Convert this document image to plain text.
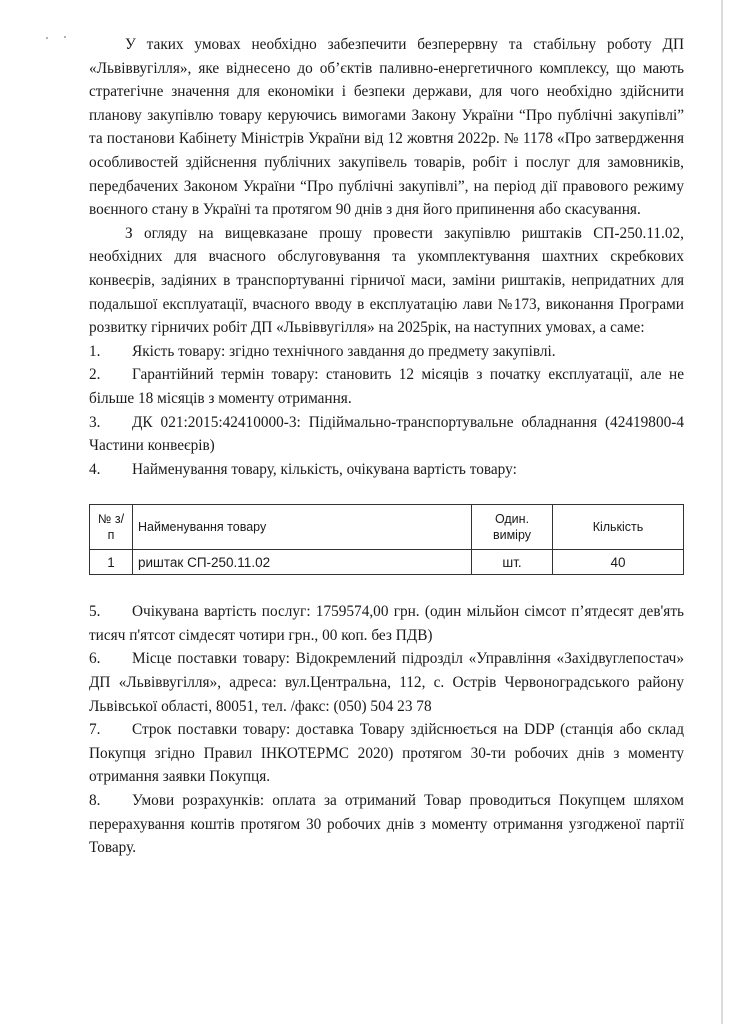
У таких умовах необхідно забезпечити безперервну та стабільну роботу ДП «Львіввугілля», яке віднесено до об’єктів паливно-енергетичного комплексу, що мають стратегічне значення для економіки і безпеки держави, для чого необхідно здійснити планову закупівлю товару керуючись вимогами Закону України “Про публічні закупівлі” та постанови Кабінету Міністрів України від 12 жовтня 2022р. № 1178 «Про затвердження особливостей здійснення публічних закупівель товарів, робіт і послуг для замовників, передбачених Законом України “Про публічні закупівлі”, на період дії правового режиму воєнного стану в Україні та протягом 90 днів з дня його припинення або скасування.

З огляду на вищевказане прошу провести закупівлю риштаків СП-250.11.02, необхідних для вчасного обслуговування та укомплектування шахтних скребкових конвеєрів, задіяних в транспортуванні гірничої маси, заміни риштаків, непридатних для подальшої експлуатації, вчасного вводу в експлуатацію лави №173, виконання Програми розвитку гірничих робіт ДП «Львіввугілля» на 2025рік, на наступних умовах, а саме:

1.	Якість товару: згідно технічного завдання до предмету закупівлі.
2. Гарантійний термін товару: становить 12 місяців з початку експлуатації, але не більше 18 місяців з моменту отримання.
3. ДК 021:2015:42410000-3: Підіймально-транспортувальне обладнання (42419800-4 Частини конвеєрів)
4.	Найменування товару, кількість, очікувана вартість товару:
№ з/п	Найменування товару	Один. виміру	Кількість
1	риштак СП-250.11.02	шт.	40
5. Очікувана вартість послуг: 1759574,00 грн. (один мільйон сімсот п’ятдесят дев'ять тисяч п'ятсот сімдесят чотири грн., 00 коп. без ПДВ)
6. Місце поставки товару: Відокремлений підрозділ «Управління «Західвуглепостач» ДП «Львіввугілля», адреса: вул.Центральна, 112, с. Острів Червоноградського району Львівської області, 80051, тел. /факс: (050) 504 23 78
7. Строк поставки товару: доставка Товару здійснюється на DDP (станція або склад Покупця згідно Правил ІНКОТЕРМС 2020) протягом 30-ти робочих днів з моменту отримання заявки Покупця.
8. Умови розрахунків: оплата за отриманий Товар проводиться Покупцем шляхом перерахування коштів протягом 30 робочих днів з моменту отримання узгодженої партії Товару.
